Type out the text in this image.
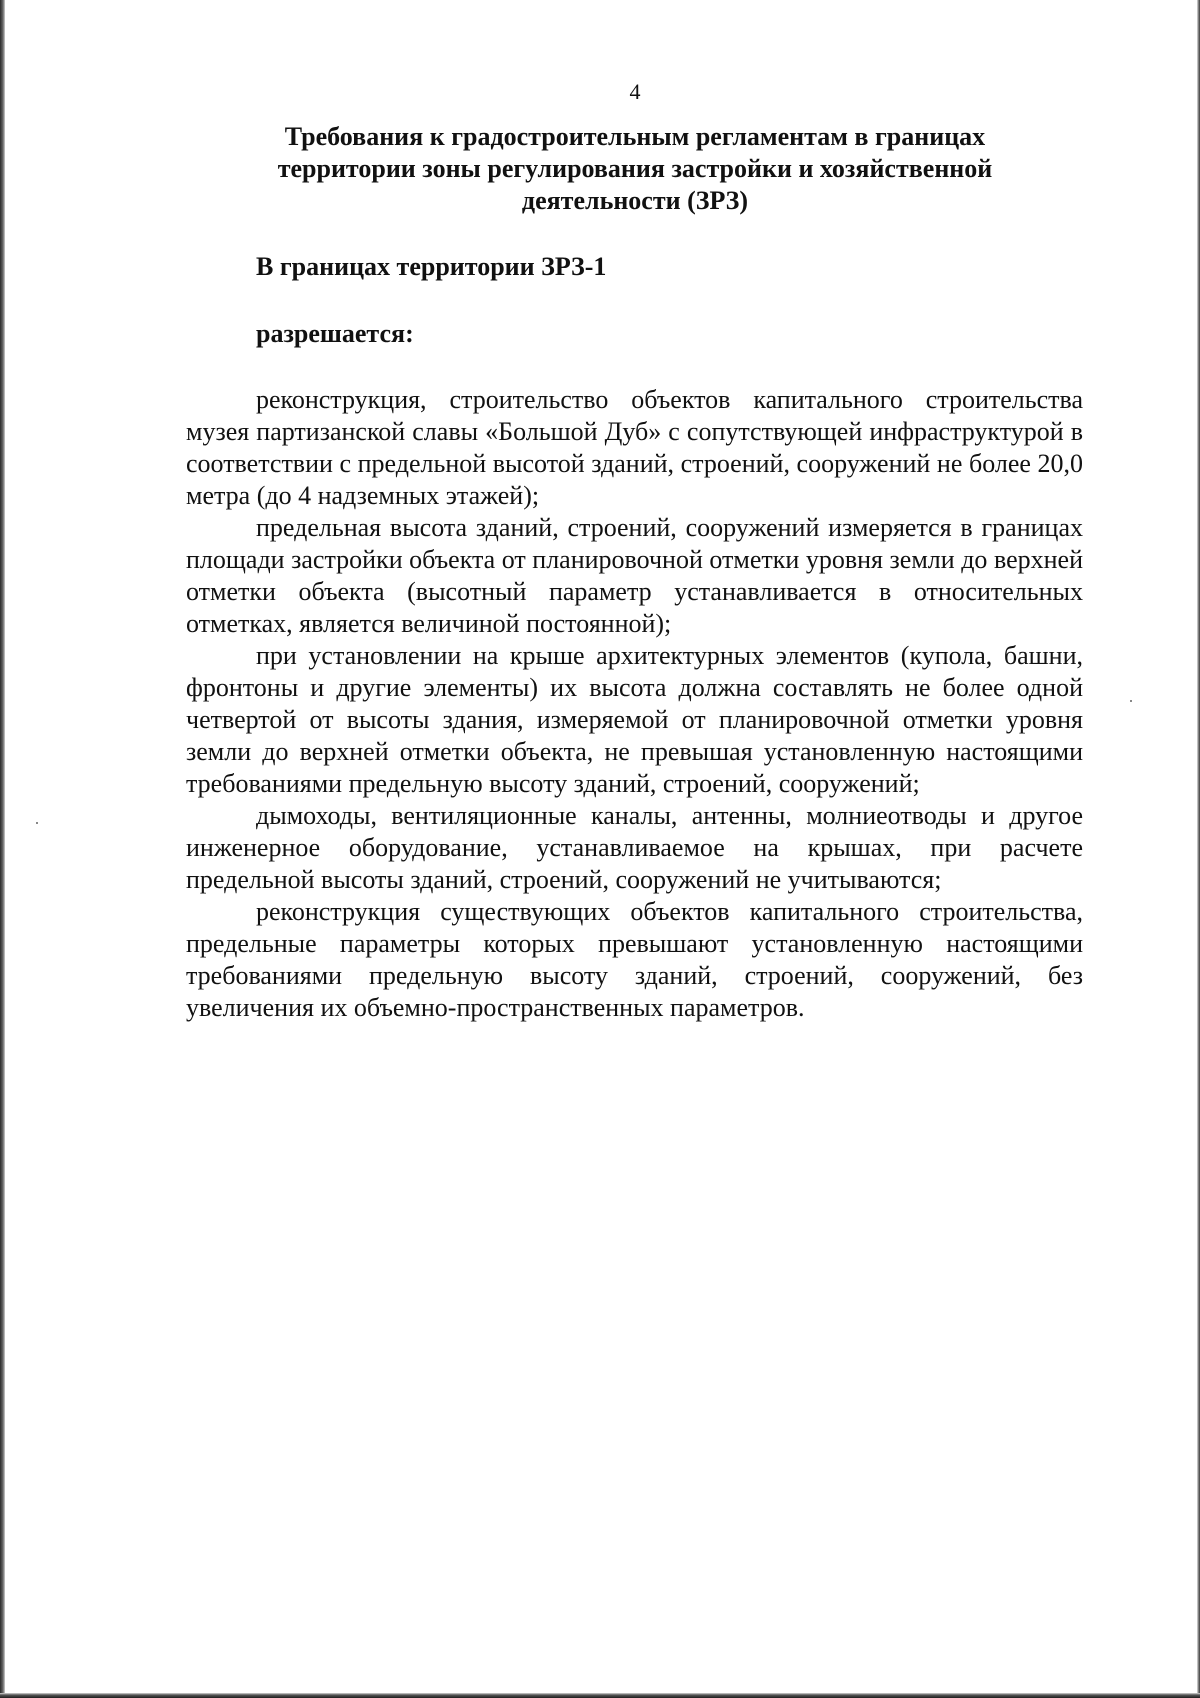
4
Требования к градостроительным регламентам в границах территории зоны регулирования застройки и хозяйственной деятельности (ЗРЗ)
В границах территории ЗРЗ-1
разрешается:

реконструкция, строительство объектов капитального строительства музея партизанской славы «Большой Дуб» с сопутствующей инфраструктурой в соответствии с предельной высотой зданий, строений, сооружений не более 20,0 метра (до 4 надземных этажей);

предельная высота зданий, строений, сооружений измеряется в границах площади застройки объекта от планировочной отметки уровня земли до верхней отметки объекта (высотный параметр устанавливается в относительных отметках, является величиной постоянной);

при установлении на крыше архитектурных элементов (купола, башни, фронтоны и другие элементы) их высота должна составлять не более одной четвертой от высоты здания, измеряемой от планировочной отметки уровня земли до верхней отметки объекта, не превышая установленную настоящими требованиями предельную высоту зданий, строений, сооружений;

дымоходы, вентиляционные каналы, антенны, молниеотводы и другое инженерное оборудование, устанавливаемое на крышах, при расчете предельной высоты зданий, строений, сооружений не учитываются;

реконструкция существующих объектов капитального строительства, предельные параметры которых превышают установленную настоящими требованиями предельную высоту зданий, строений, сооружений, без увеличения их объемно-пространственных параметров.
